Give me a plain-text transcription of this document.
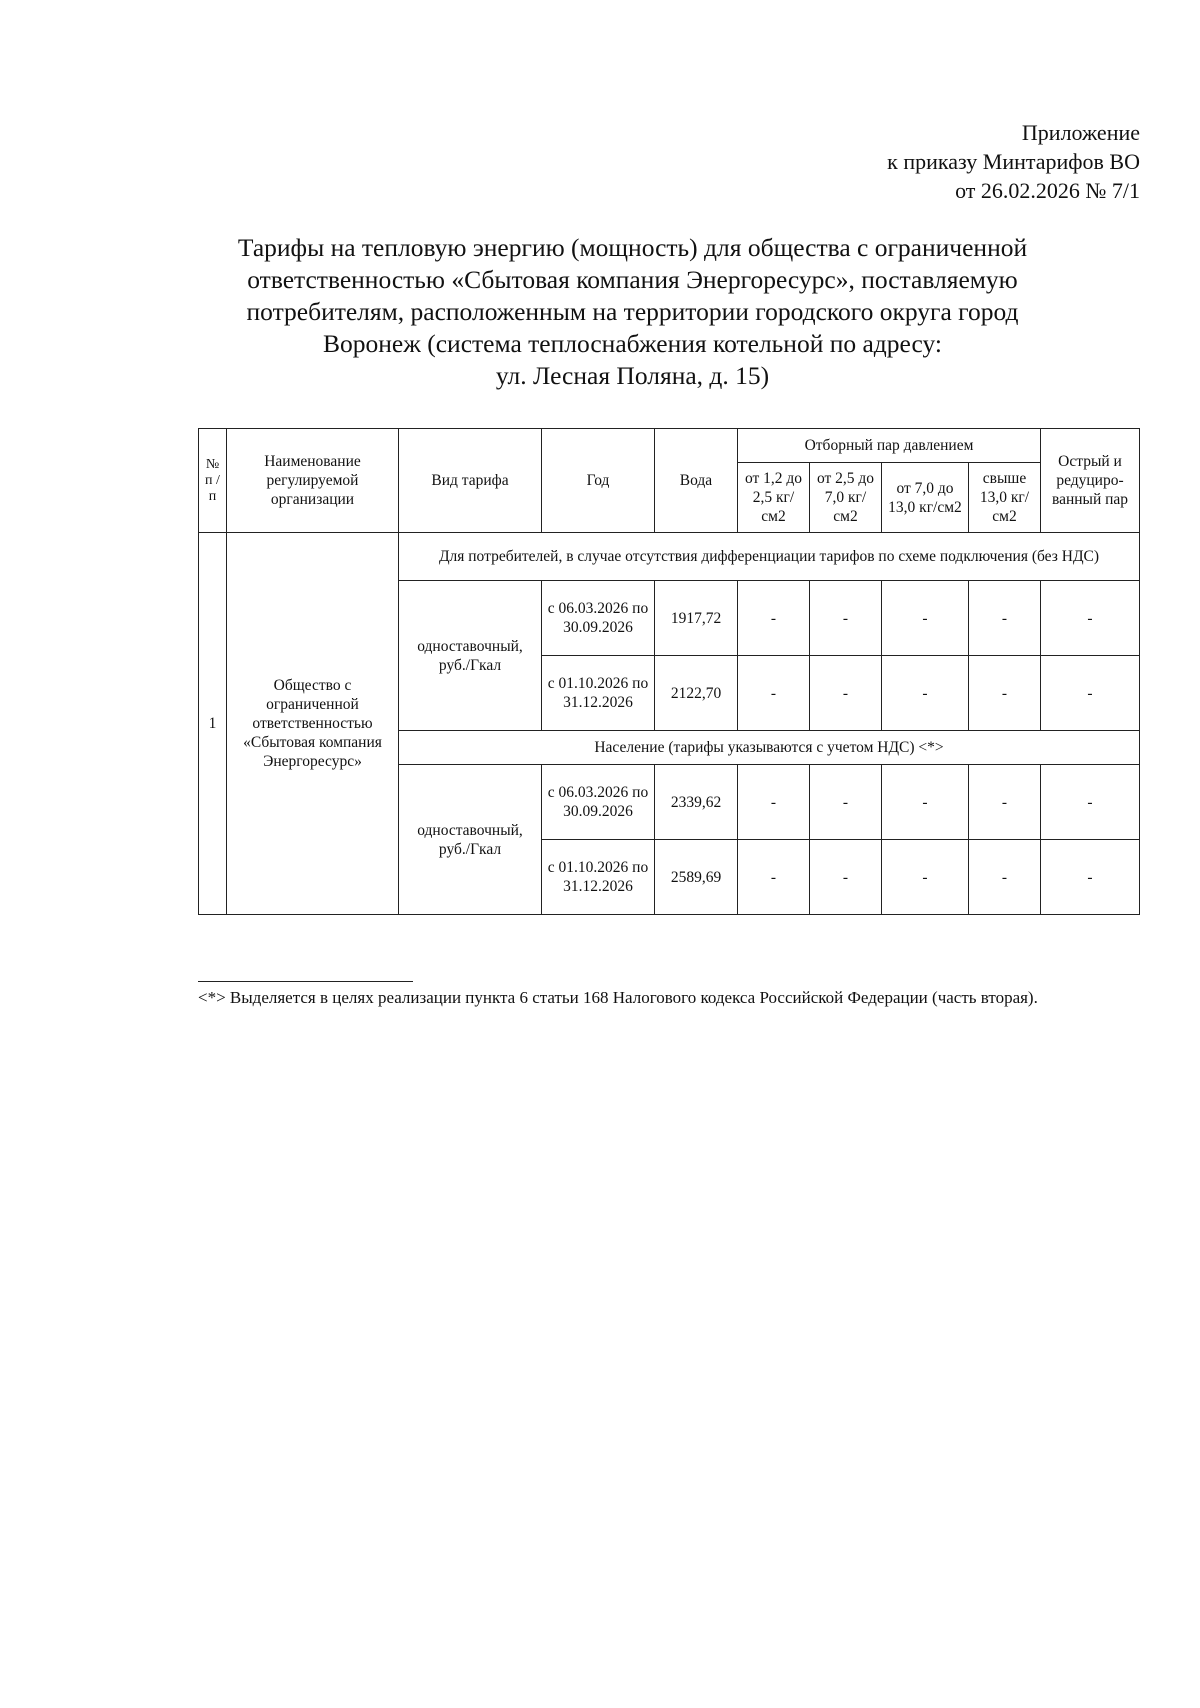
Приложение
к приказу Минтарифов ВО
от 26.02.2026 № 7/1
Тарифы на тепловую энергию (мощность) для общества с ограниченной
ответственностью «Сбытовая компания Энергоресурс», поставляемую
потребителям, расположенным на территории городского округа город
Воронеж (система теплоснабжения котельной по адресу:
ул. Лесная Поляна, д. 15)
№ п / п	Наименование регулируемой организации	Вид тарифа	Год	Вода	Отборный пар давлением				Острый и редуциро-ванный пар
					от 1,2 до 2,5 кг/см2	от 2,5 до 7,0 кг/см2	от 7,0 до 13,0 кг/см2	свыше 13,0 кг/см2	
1	Общество с ограниченной ответственностью «Сбытовая компания Энергоресурс»	Для потребителей, в случае отсутствия дифференциации тарифов по схеме подключения (без НДС)							
		одноставочный, руб./Гкал	с 06.03.2026 по 30.09.2026	1917,72	-	-	-	-	-
			с 01.10.2026 по 31.12.2026	2122,70	-	-	-	-	-
		Население (тарифы указываются с учетом НДС) <*>							
		одноставочный, руб./Гкал	с 06.03.2026 по 30.09.2026	2339,62	-	-	-	-	-
			с 01.10.2026 по 31.12.2026	2589,69	-	-	-	-	-
<*> Выделяется в целях реализации пункта 6 статьи 168 Налогового кодекса Российской Федерации (часть вторая).
